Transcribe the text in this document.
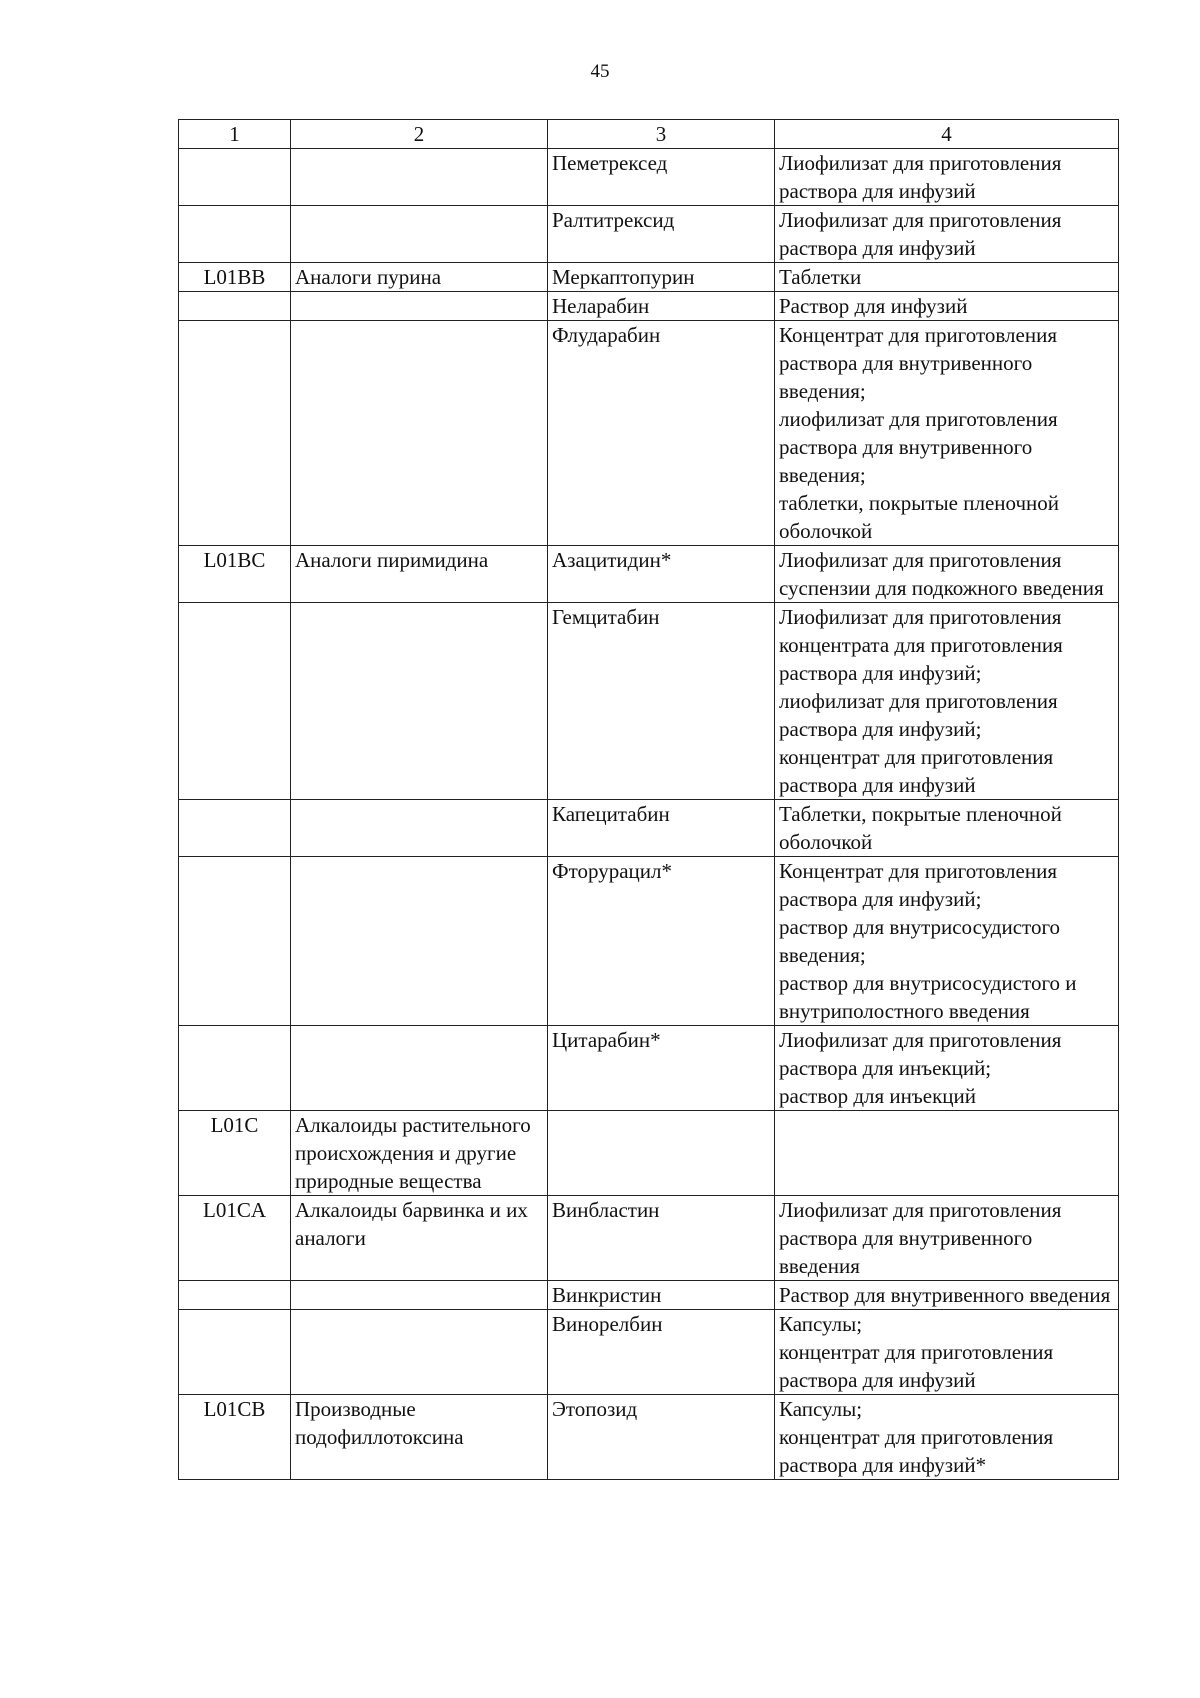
45
1	2	3	4
		Пеметрексед	Лиофилизат для приготовления раствора для инфузий

		Ралтитрексид	Лиофилизат для приготовления раствора для инфузий

L01BB	Аналоги пурина	Меркаптопурин	Таблетки

		Неларабин	Раствор для инфузий

		Флударабин	Концентрат для приготовления раствора для внутривенного введения;
лиофилизат для приготовления раствора для внутривенного введения;
таблетки, покрытые пленочной оболочкой

L01BC	Аналоги пиримидина	Азацитидин*	Лиофилизат для приготовления суспензии для подкожного введения

		Гемцитабин	Лиофилизат для приготовления концентрата для приготовления раствора для инфузий;
лиофилизат для приготовления раствора для инфузий;
концентрат для приготовления раствора для инфузий

		Капецитабин	Таблетки, покрытые пленочной оболочкой

		Фторурацил*	Концентрат для приготовления раствора для инфузий;
раствор для внутрисосудистого введения;
раствор для внутрисосудистого и внутриполостного введения

		Цитарабин*	Лиофилизат для приготовления раствора для инъекций;
раствор для инъекций

L01C	Алкалоиды растительного происхождения и другие природные вещества		
L01CA	Алкалоиды барвинка и их аналоги	Винбластин	Лиофилизат для приготовления раствора для внутривенного введения

		Винкристин	Раствор для внутривенного введения

		Винорелбин	Капсулы;
концентрат для приготовления раствора для инфузий

L01CB	Производные подофиллотоксина	Этопозид	Капсулы;
концентрат для приготовления раствора для инфузий*
